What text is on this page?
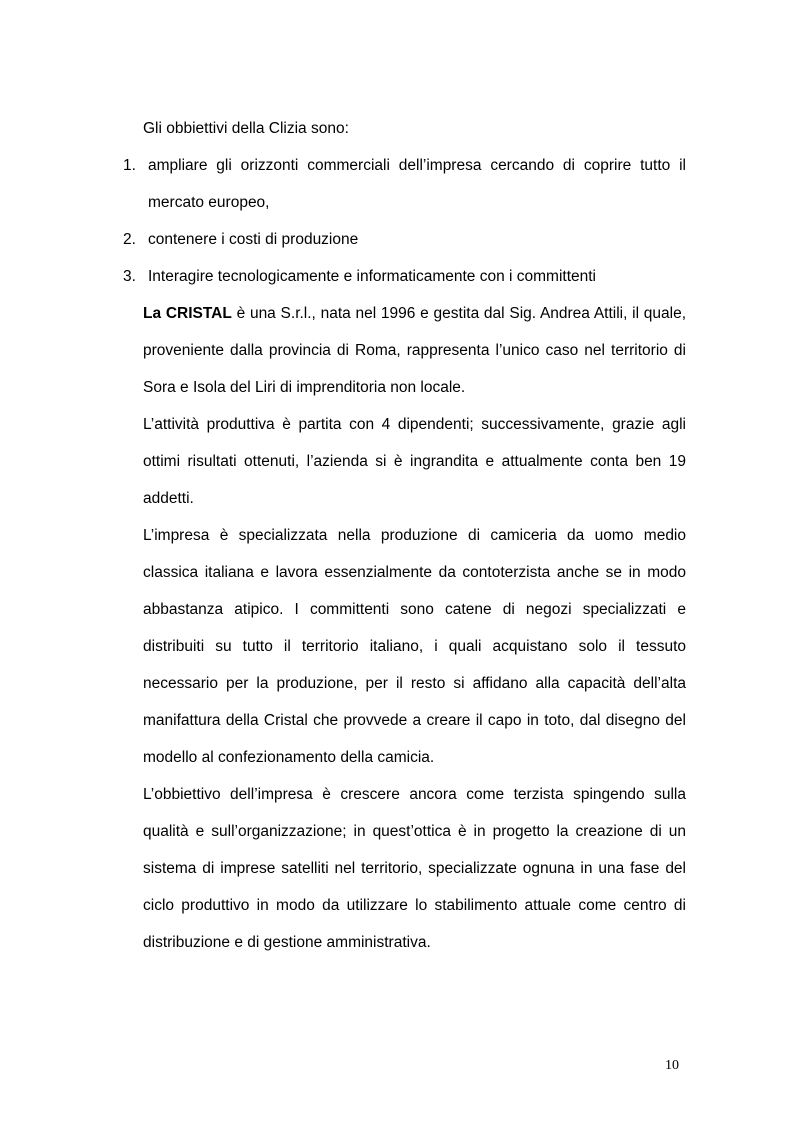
Gli obbiettivi della Clizia sono:

1. ampliare gli orizzonti commerciali dell’impresa cercando di coprire tutto il mercato europeo,
2. contenere i costi di produzione
3. Interagire tecnologicamente e informaticamente con i committenti

La CRISTAL è una S.r.l., nata nel 1996 e gestita dal Sig. Andrea Attili, il quale, proveniente dalla provincia di Roma, rappresenta l’unico caso nel territorio di Sora e Isola del Liri di imprenditoria non locale.

L’attività produttiva è partita con 4 dipendenti; successivamente, grazie agli ottimi risultati ottenuti, l’azienda si è ingrandita e attualmente conta ben 19 addetti.

L’impresa è specializzata nella produzione di camiceria da uomo medio classica italiana e lavora essenzialmente da contoterzista anche se in modo abbastanza atipico. I committenti sono catene di negozi specializzati e distribuiti su tutto il territorio italiano, i quali acquistano solo il tessuto necessario per la produzione, per il resto si affidano alla capacità dell’alta manifattura della Cristal che provvede a creare il capo in toto, dal disegno del modello al confezionamento della camicia.

L’obbiettivo dell’impresa è crescere ancora come terzista spingendo sulla qualità e sull’organizzazione; in quest’ottica è in progetto la creazione di un sistema di imprese satelliti nel territorio, specializzate ognuna in una fase del ciclo produttivo in modo da utilizzare lo stabilimento attuale come centro di distribuzione e di gestione amministrativa.

10
